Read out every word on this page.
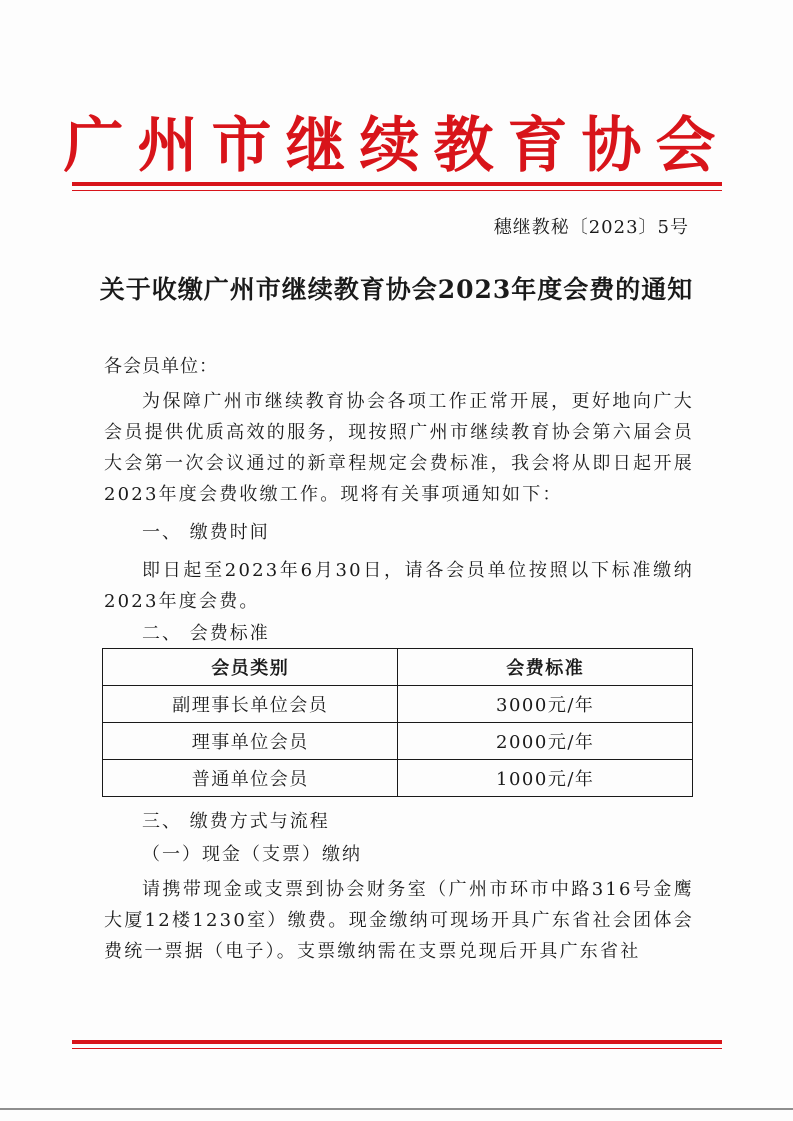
广州市继续教育协会
穗继教秘〔2023〕5号
关于收缴广州市继续教育协会2023年度会费的通知
各会员单位：
为保障广州市继续教育协会各项工作正常开展，更好地向广大会员提供优质高效的服务，现按照广州市继续教育协会第六届会员大会第一次会议通过的新章程规定会费标准，我会将从即日起开展2023年度会费收缴工作。现将有关事项通知如下：
一、 缴费时间
即日起至2023年6月30日，请各会员单位按照以下标准缴纳2023年度会费。
二、 会费标准
会员类别	会费标准
副理事长单位会员	3000元/年
理事单位会员	2000元/年
普通单位会员	1000元/年
三、 缴费方式与流程
（一）现金（支票）缴纳
请携带现金或支票到协会财务室（广州市环市中路316号金鹰大厦12楼1230室）缴费。现金缴纳可现场开具广东省社会团体会费统一票据（电子）。支票缴纳需在支票兑现后开具广东省社
